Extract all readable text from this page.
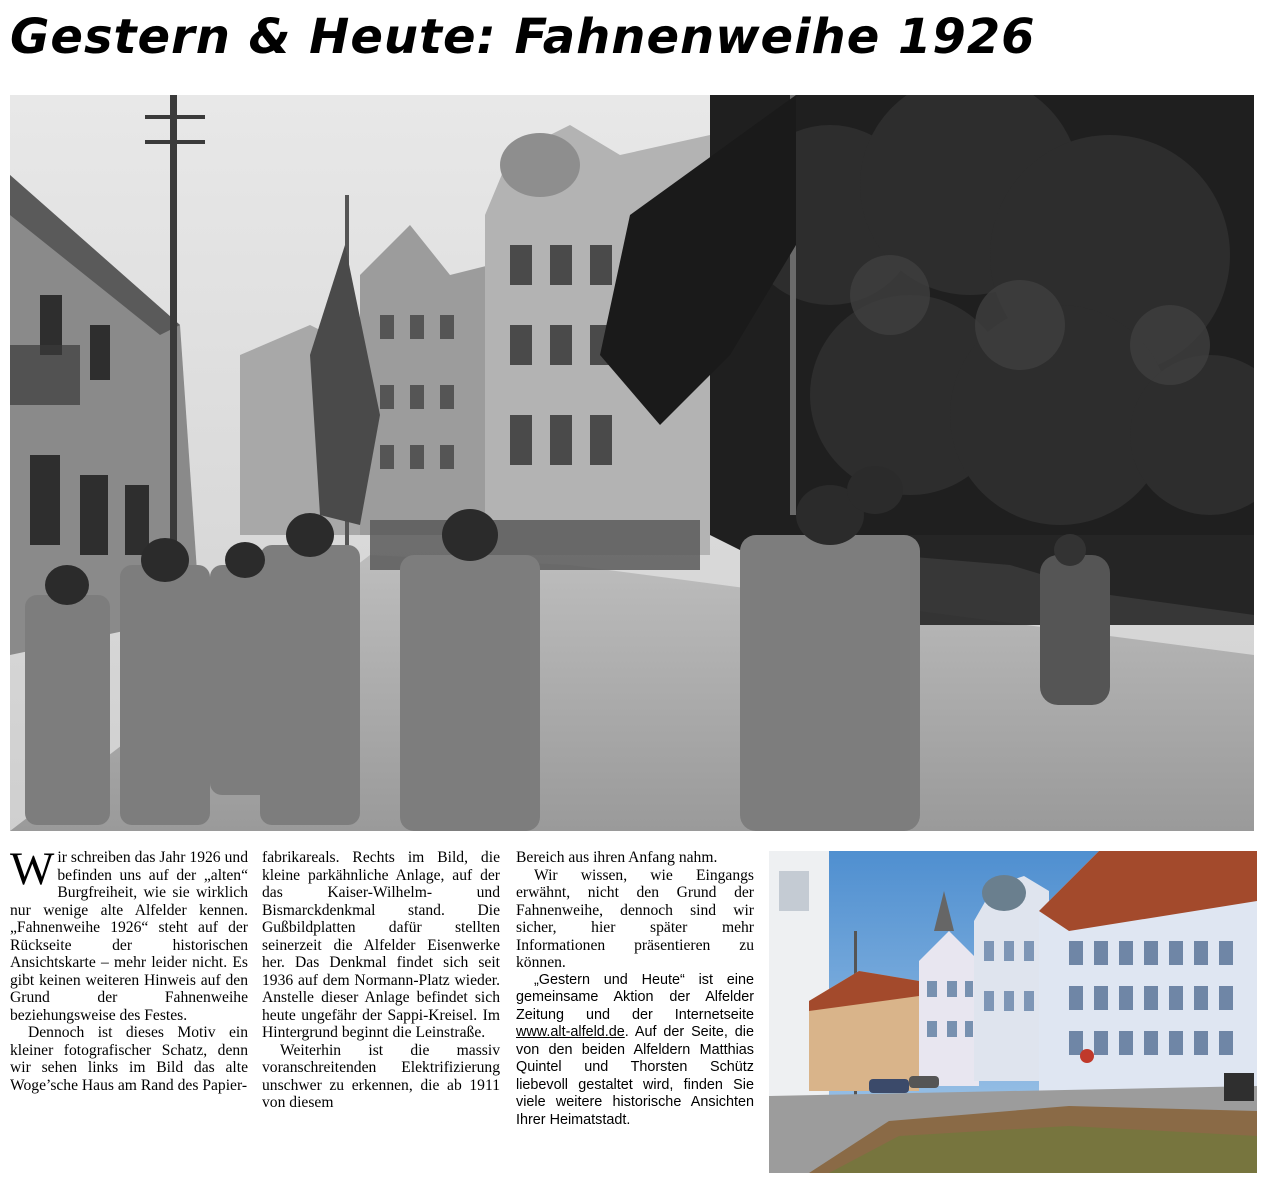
Gestern & Heute: Fahnenweihe 1926

Wir schreiben das Jahr 1926 und befinden uns auf der „alten“ Burgfreiheit, wie sie wirklich nur wenige alte Alfelder kennen. „Fahnenweihe 1926“ steht auf der Rückseite der historischen Ansichtskarte – mehr leider nicht. Es gibt keinen weiteren Hinweis auf den Grund der Fahnenweihe beziehungsweise des Festes.

Dennoch ist dieses Motiv ein kleiner fotografischer Schatz, denn wir sehen links im Bild das alte Woge’sche Haus am Rand des Papier-

fabrikareals. Rechts im Bild, die kleine parkähnliche Anlage, auf der das Kaiser-Wilhelm- und Bismarckdenkmal stand. Die Gußbildplatten dafür stellten seinerzeit die Alfelder Eisenwerke her. Das Denkmal findet sich seit 1936 auf dem Normann-Platz wieder. Anstelle dieser Anlage befindet sich heute ungefähr der Sappi-Kreisel. Im Hintergrund beginnt die Leinstraße.

Weiterhin ist die massiv voranschreitenden Elektrifizierung unschwer zu erkennen, die ab 1911 von diesem

Bereich aus ihren Anfang nahm.

Wir wissen, wie Eingangs erwähnt, nicht den Grund der Fahnenweihe, dennoch sind wir sicher, hier später mehr Informationen präsentieren zu können.

„Gestern und Heute“ ist eine gemeinsame Aktion der Alfelder Zeitung und der Internetseite www.alt-alfeld.de. Auf der Seite, die von den beiden Alfeldern Matthias Quintel und Thorsten Schütz liebevoll gestaltet wird, finden Sie viele weitere historische Ansichten Ihrer Heimatstadt.
